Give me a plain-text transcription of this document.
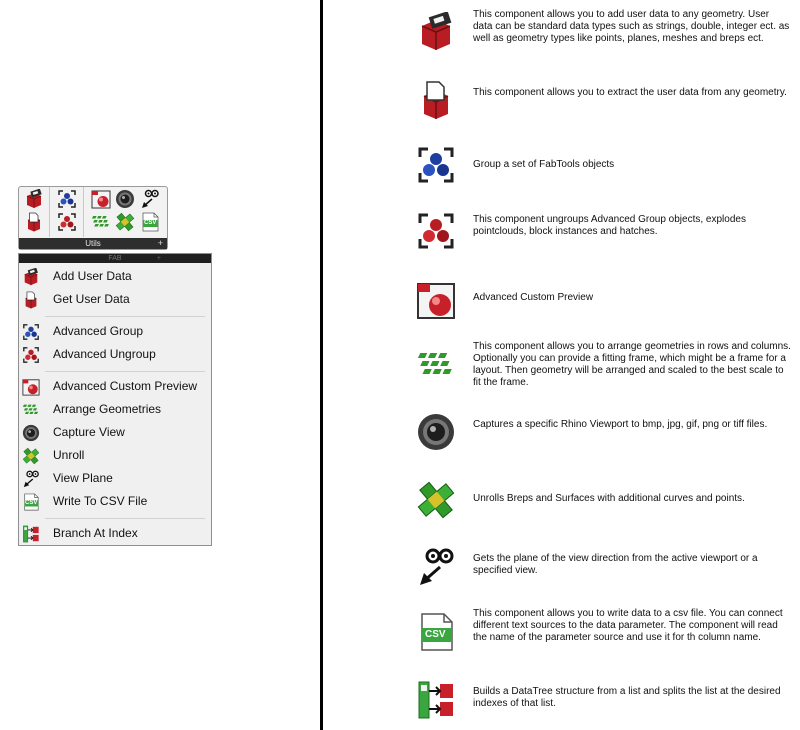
CSV
Utils	+
FAB	+
Add User Data
Get User Data
Advanced Group
Advanced Ungroup
Advanced Custom Preview
Arrange Geometries
Capture View
Unroll
View Plane
CSV Write To CSV File
Branch At Index
This component allows you to add user data to any geometry. User data can be standard data types such as strings, double, integer ect. as well as geometry types like points, planes, meshes and breps ect.
This component allows you to extract the user data from any geometry.
Group a set of FabTools objects
This component ungroups Advanced Group objects, explodes pointclouds, block instances and hatches.
Advanced Custom Preview
This component allows you to arrange geometries in rows and columns. Optionally you can provide a fitting frame, which might be a frame for a layout. Then geometry will be arranged and scaled to the best scale to fit the frame.
Captures a specific Rhino Viewport to bmp, jpg, gif, png or tiff files.
Unrolls Breps and Surfaces with additional curves and points.
Gets the plane of the view direction from the active viewport or a specified view.
CSV
This component allows you to write data to a csv file. You can connect different text sources to the data parameter. The component will read the name of the parameter source and use it for th column name.
Builds a DataTree structure from a list and splits the list at the desired indexes of that list.
